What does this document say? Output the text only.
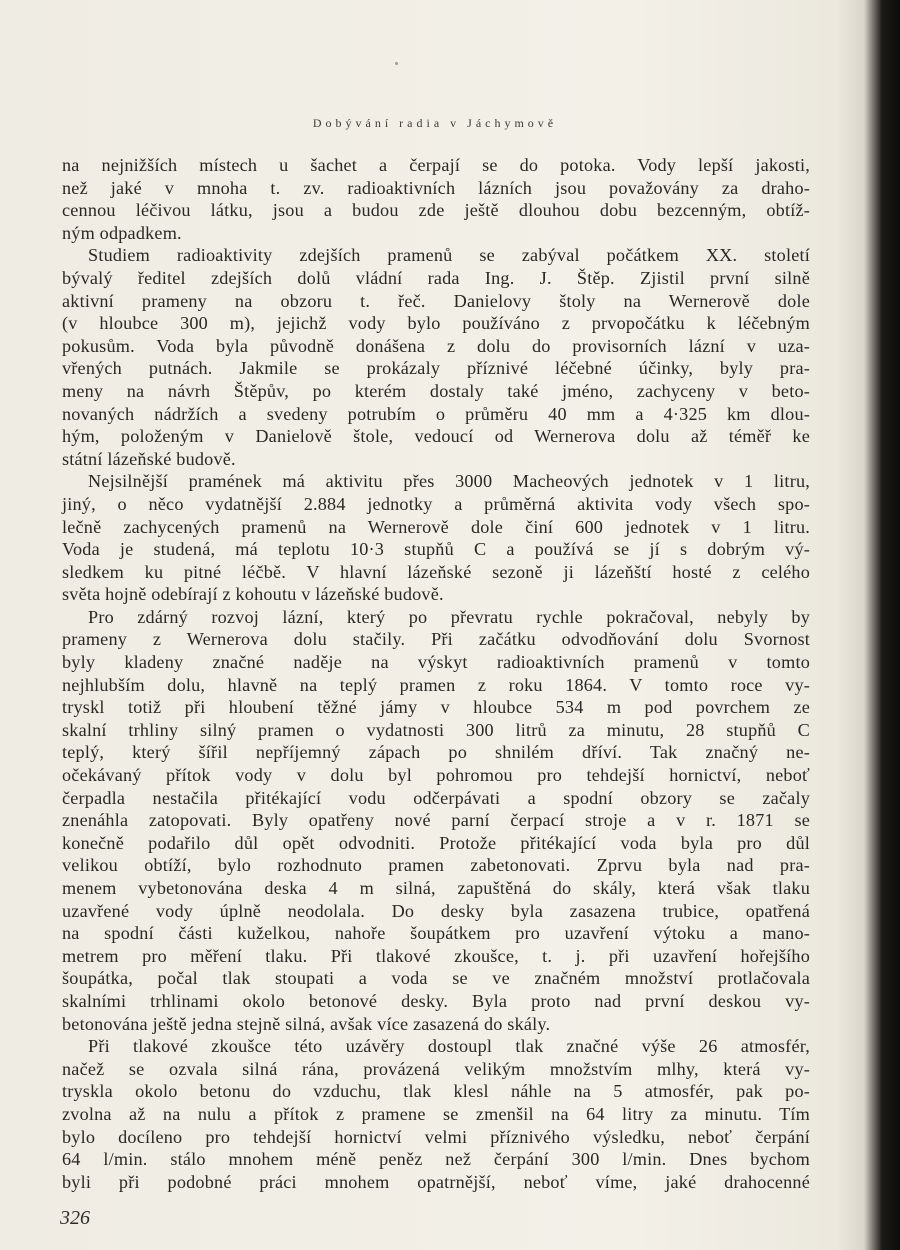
Dobývání radia v Jáchymově
na nejnižších místech u šachet a čerpají se do potoka. Vody lepší jakosti,
než jaké v mnoha t. zv. radioaktivních lázních jsou považovány za draho-
cennou léčivou látku, jsou a budou zde ještě dlouhou dobu bezcenným, obtíž-
ným odpadkem.
Studiem radioaktivity zdejších pramenů se zabýval počátkem XX. století
bývalý ředitel zdejších dolů vládní rada Ing. J. Štěp. Zjistil první silně
aktivní prameny na obzoru t. řeč. Danielovy štoly na Wernerově dole
(v hloubce 300 m), jejichž vody bylo používáno z prvopočátku k léčebným
pokusům. Voda byla původně donášena z dolu do provisorních lázní v uza-
vřených putnách. Jakmile se prokázaly příznivé léčebné účinky, byly pra-
meny na návrh Štěpův, po kterém dostaly také jméno, zachyceny v beto-
novaných nádržích a svedeny potrubím o průměru 40 mm a 4·325 km dlou-
hým, položeným v Danielově štole, vedoucí od Wernerova dolu až téměř ke
státní lázeňské budově.
Nejsilnější pramének má aktivitu přes 3000 Macheových jednotek v 1 litru,
jiný, o něco vydatnější 2.884 jednotky a průměrná aktivita vody všech spo-
lečně zachycených pramenů na Wernerově dole činí 600 jednotek v 1 litru.
Voda je studená, má teplotu 10·3 stupňů C a používá se jí s dobrým vý-
sledkem ku pitné léčbě. V hlavní lázeňské sezoně ji lázeňští hosté z celého
světa hojně odebírají z kohoutu v lázeňské budově.
Pro zdárný rozvoj lázní, který po převratu rychle pokračoval, nebyly by
prameny z Wernerova dolu stačily. Při začátku odvodňování dolu Svornost
byly kladeny značné naděje na výskyt radioaktivních pramenů v tomto
nejhlubším dolu, hlavně na teplý pramen z roku 1864. V tomto roce vy-
tryskl totiž při hloubení těžné jámy v hloubce 534 m pod povrchem ze
skalní trhliny silný pramen o vydatnosti 300 litrů za minutu, 28 stupňů C
teplý, který šířil nepříjemný zápach po shnilém dříví. Tak značný ne-
očekávaný přítok vody v dolu byl pohromou pro tehdejší hornictví, neboť
čerpadla nestačila přitékající vodu odčerpávati a spodní obzory se začaly
znenáhla zatopovati. Byly opatřeny nové parní čerpací stroje a v r. 1871 se
konečně podařilo důl opět odvodniti. Protože přitékající voda byla pro důl
velikou obtíží, bylo rozhodnuto pramen zabetonovati. Zprvu byla nad pra-
menem vybetonována deska 4 m silná, zapuštěná do skály, která však tlaku
uzavřené vody úplně neodolala. Do desky byla zasazena trubice, opatřená
na spodní části kuželkou, nahoře šoupátkem pro uzavření výtoku a mano-
metrem pro měření tlaku. Při tlakové zkoušce, t. j. při uzavření hořejšího
šoupátka, počal tlak stoupati a voda se ve značném množství protlačovala
skalními trhlinami okolo betonové desky. Byla proto nad první deskou vy-
betonována ještě jedna stejně silná, avšak více zasazená do skály.
Při tlakové zkoušce této uzávěry dostoupl tlak značné výše 26 atmosfér,
načež se ozvala silná rána, provázená velikým množstvím mlhy, která vy-
tryskla okolo betonu do vzduchu, tlak klesl náhle na 5 atmosfér, pak po-
zvolna až na nulu a přítok z pramene se zmenšil na 64 litry za minutu. Tím
bylo docíleno pro tehdejší hornictví velmi příznivého výsledku, neboť čerpání
64 l/min. stálo mnohem méně peněz než čerpání 300 l/min. Dnes bychom
byli při podobné práci mnohem opatrnější, neboť víme, jaké drahocenné
326
